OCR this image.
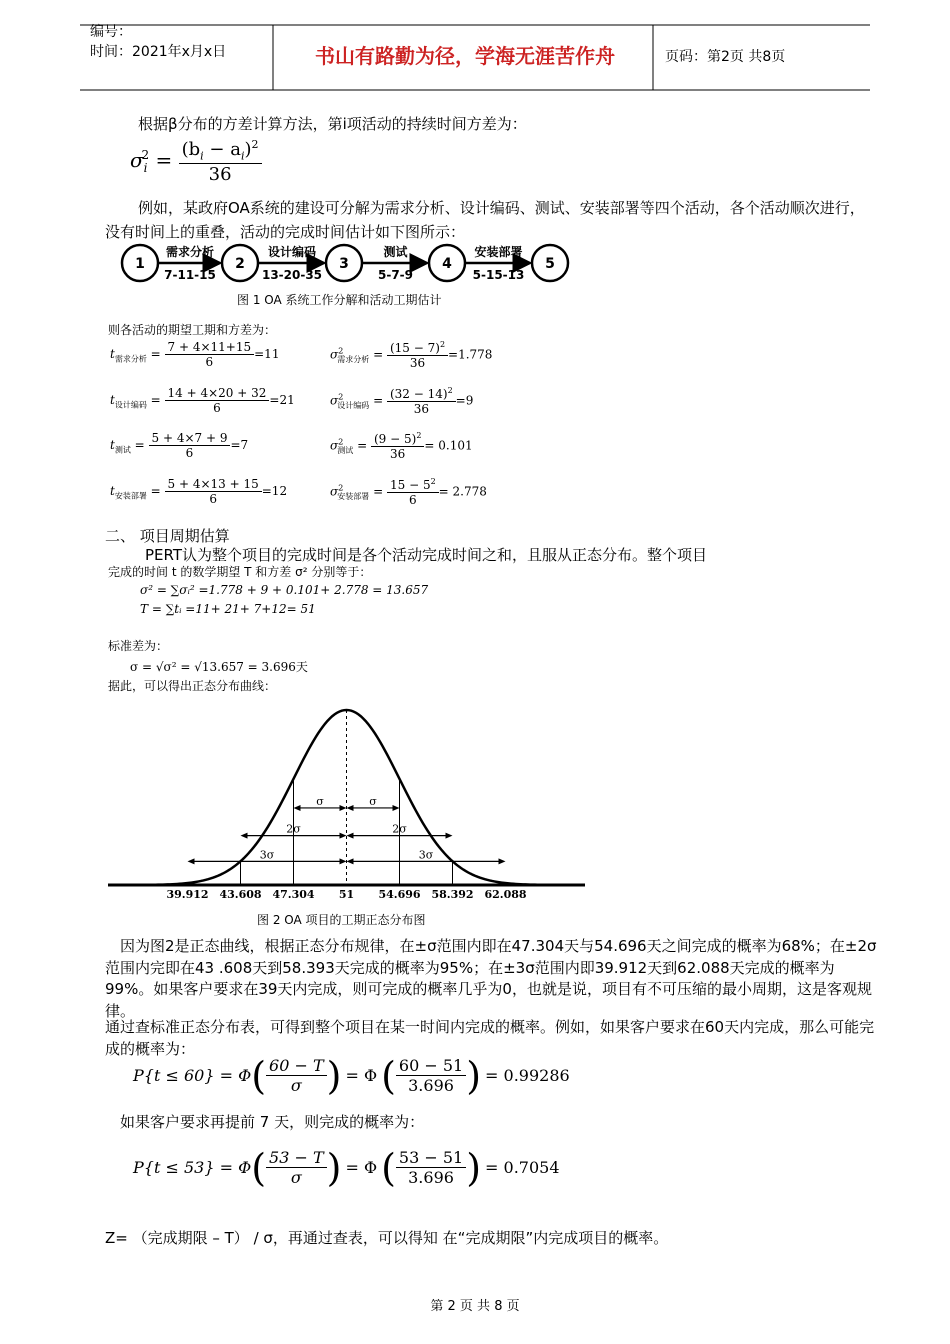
编号：
时间：2021年x月x日	书山有路勤为径，学海无涯苦作舟	页码：第2页 共8页
根据β分布的方差计算方法，第i项活动的持续时间方差为：
$\sigma_i^2 = \frac{(b_i - a_i)^2}{36}$
例如，某政府OA系统的建设可分解为需求分析、设计编码、测试、安装部署等四个活动，各个活动顺次进行，没有时间上的重叠，活动的完成时间估计如下图所示：
1	2	3	4	5
需求分析
7-11-15
设计编码
13-20-35
测试
5-7-9
安装部署
5-15-13
图 1 OA 系统工作分解和活动工期估计
则各活动的期望工期和方差为：
$t_{需求分析} = \frac{7 + 4\times 11+15}{6} =11$	$\sigma^2_{需求分析} = \frac{(15 - 7)^2}{36} =1.778$
$t_{设计编码} = \frac{14 + 4\times 20 + 32}{6} =21$	$\sigma^2_{设计编码} = \frac{(32 - 14)^2}{36} =9$
$t_{测试} = \frac{5 + 4\times 7 + 9}{6} =7$	$\sigma^2_{测试} = \frac{(9 - 5)^2}{36} = 0.101$
$t_{安装部署} = \frac{5 + 4\times 13 + 15}{6} =12$	$\sigma^2_{安装部署} = \frac{15 - 5^2}{6} = 2.778$
二、 项目周期估算
PERT认为整个项目的完成时间是各个活动完成时间之和，且服从正态分布。整个项目
完成的时间 t 的数学期望 T 和方差 σ² 分别等于：
σ² = ∑σᵢ² =1.778 + 9 + 0.101+ 2.778 = 13.657
T = ∑tᵢ =11+ 21+ 7+12= 51
标准差为：
σ = √σ² = √13.657 = 3.696天
据此，可以得出正态分布曲线：
39.912 43.608 47.304 51 54.696 58.392 62.088
σ	σ
2σ	2σ
3σ	3σ
图 2 OA 项目的工期正态分布图
因为图2是正态曲线，根据正态分布规律，在±σ范围内即在47.304天与54.696天之间完成的概率为68%；在±2σ范围内完即在43 .608天到58.393天完成的概率为95%；在±3σ范围内即39.912天到62.088天完成的概率为99%。如果客户要求在39天内完成，则可完成的概率几乎为0，也就是说，项目有不可压缩的最小周期，这是客观规律。
通过查标准正态分布表，可得到整个项目在某一时间内完成的概率。例如，如果客户要求在60天内完成，那么可能完成的概率为：
P{t ≤ 60} = Φ ( $\frac{60 - T}{\sigma}$ ) = Φ ( $\frac{60 - 51}{3.696}$ ) = 0.99286
如果客户要求再提前 7 天，则完成的概率为：
P{t ≤ 53} = Φ ( $\frac{53 - T}{\sigma}$ ) = Φ ( $\frac{53 - 51}{3.696}$ ) = 0.7054
Z= （完成期限 – T） / σ，再通过查表，可以得知 在“完成期限”内完成项目的概率。
第 2 页 共 8 页
